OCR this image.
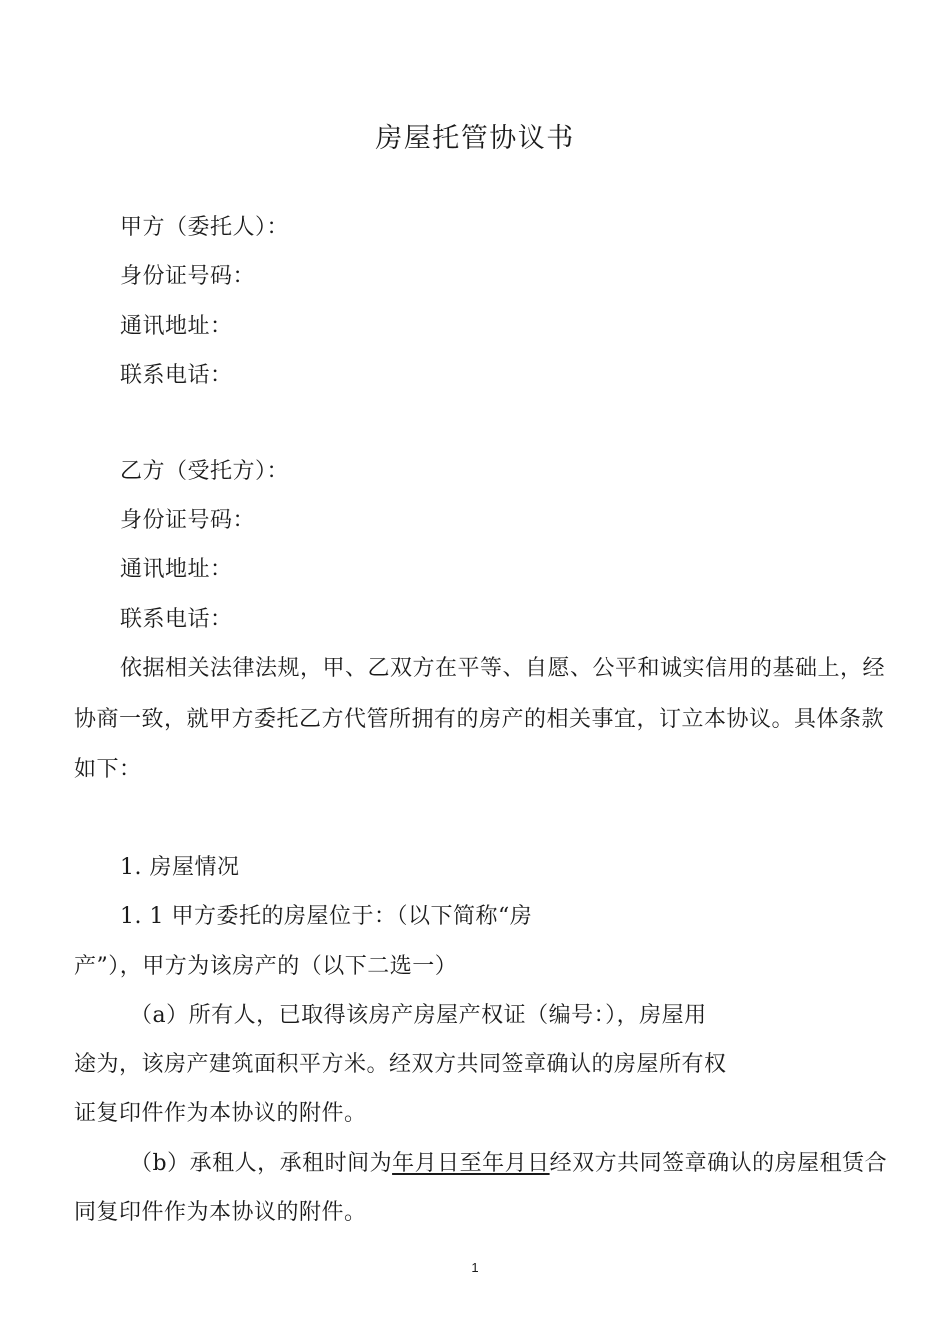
房屋托管协议书
甲方（委托人）：
身份证号码：
通讯地址：
联系电话：
乙方（受托方）：
身份证号码：
通讯地址：
联系电话：
依据相关法律法规，甲、乙双方在平等、自愿、公平和诚实信用的基础上，经
协商一致，就甲方委托乙方代管所拥有的房产的相关事宜，订立本协议。具体条款
如下：
1. 房屋情况
1. 1 甲方委托的房屋位于：（以下简称“房
产”），甲方为该房产的（以下二选一）
（a）所有人，已取得该房产房屋产权证（编号：），房屋用
途为，该房产建筑面积平方米。经双方共同签章确认的房屋所有权
证复印件作为本协议的附件。
（b）承租人，承租时间为年月日至年月日经双方共同签章确认的房屋租赁合
同复印件作为本协议的附件。
1
